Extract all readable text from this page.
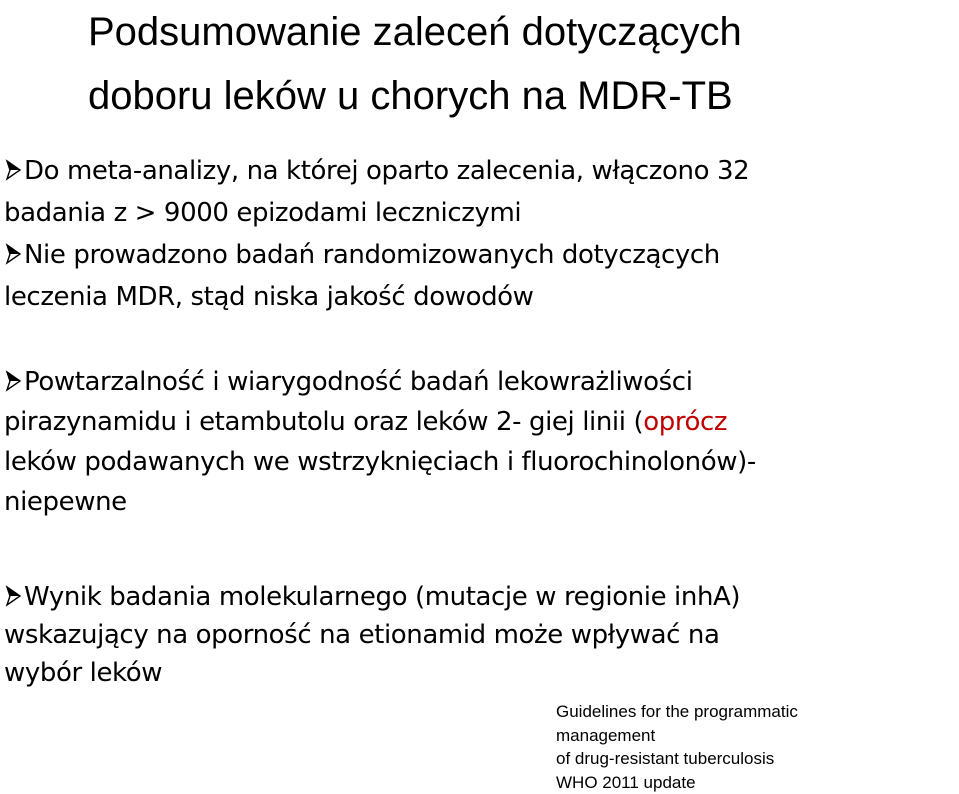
Podsumowanie zaleceń dotyczących
doboru leków u chorych na MDR-TB
Do meta-analizy, na której oparto zalecenia, włączono 32
badania z > 9000 epizodami leczniczymi
Nie prowadzono badań randomizowanych dotyczących
leczenia MDR, stąd niska jakość dowodów
Powtarzalność i wiarygodność badań lekowrażliwości
pirazynamidu i etambutolu oraz leków 2- giej linii (oprócz
leków podawanych we wstrzyknięciach i fluorochinolonów)-
niepewne
Wynik badania molekularnego (mutacje w regionie inhA)
wskazujący na oporność na etionamid może wpływać na
wybór leków
Guidelines for the programmatic
management
of drug-resistant tuberculosis
WHO 2011 update
